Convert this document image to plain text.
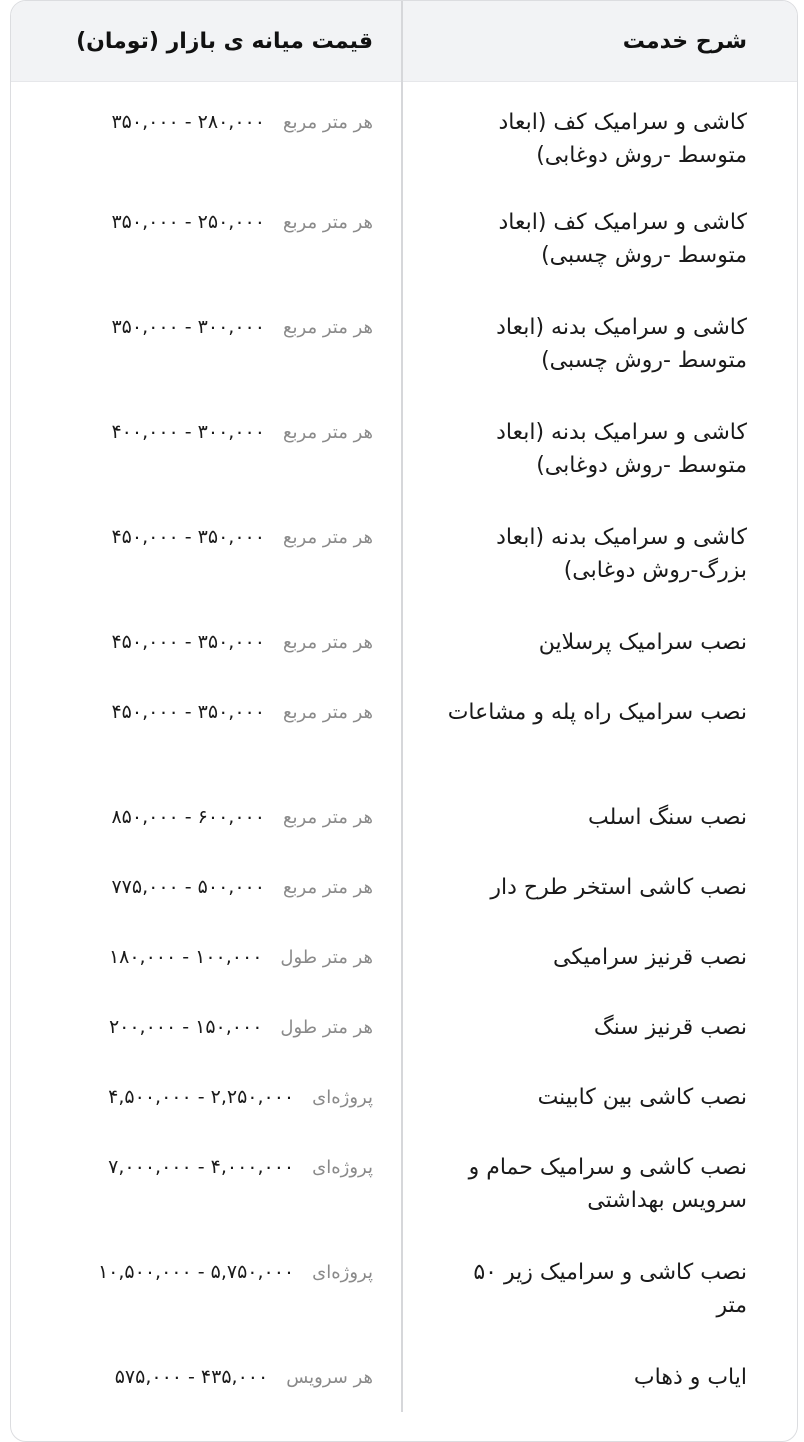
شرح خدمت	قیمت میانه ی بازار (تومان)
کاشی و سرامیک کف (ابعاد متوسط -روش دوغابی)	هر متر مربع۳۵۰,۰۰۰ - ۲۸۰,۰۰۰
کاشی و سرامیک کف (ابعاد متوسط -روش چسبی)	هر متر مربع۳۵۰,۰۰۰ - ۲۵۰,۰۰۰
کاشی و سرامیک بدنه (ابعاد متوسط -روش چسبی)	هر متر مربع۳۵۰,۰۰۰ - ۳۰۰,۰۰۰
کاشی و سرامیک بدنه (ابعاد متوسط -روش دوغابی)	هر متر مربع۴۰۰,۰۰۰ - ۳۰۰,۰۰۰
کاشی و سرامیک بدنه (ابعاد بزرگ-روش دوغابی)	هر متر مربع۴۵۰,۰۰۰ - ۳۵۰,۰۰۰
نصب سرامیک پرسلاین	هر متر مربع۴۵۰,۰۰۰ - ۳۵۰,۰۰۰
نصب سرامیک راه پله و مشاعات	هر متر مربع۴۵۰,۰۰۰ - ۳۵۰,۰۰۰
نصب سنگ اسلب	هر متر مربع۸۵۰,۰۰۰ - ۶۰۰,۰۰۰
نصب کاشی استخر طرح دار	هر متر مربع۷۷۵,۰۰۰ - ۵۰۰,۰۰۰
نصب قرنیز سرامیکی	هر متر طول۱۸۰,۰۰۰ - ۱۰۰,۰۰۰
نصب قرنیز سنگ	هر متر طول۲۰۰,۰۰۰ - ۱۵۰,۰۰۰
نصب کاشی بین کابینت	پروژه‌ای۴,۵۰۰,۰۰۰ - ۲,۲۵۰,۰۰۰
نصب کاشی و سرامیک حمام و سرویس بهداشتی	پروژه‌ای۷,۰۰۰,۰۰۰ - ۴,۰۰۰,۰۰۰
نصب کاشی و سرامیک زیر ۵۰ متر	پروژه‌ای۱۰,۵۰۰,۰۰۰ - ۵,۷۵۰,۰۰۰
ایاب و ذهاب	هر سرویس۵۷۵,۰۰۰ - ۴۳۵,۰۰۰
